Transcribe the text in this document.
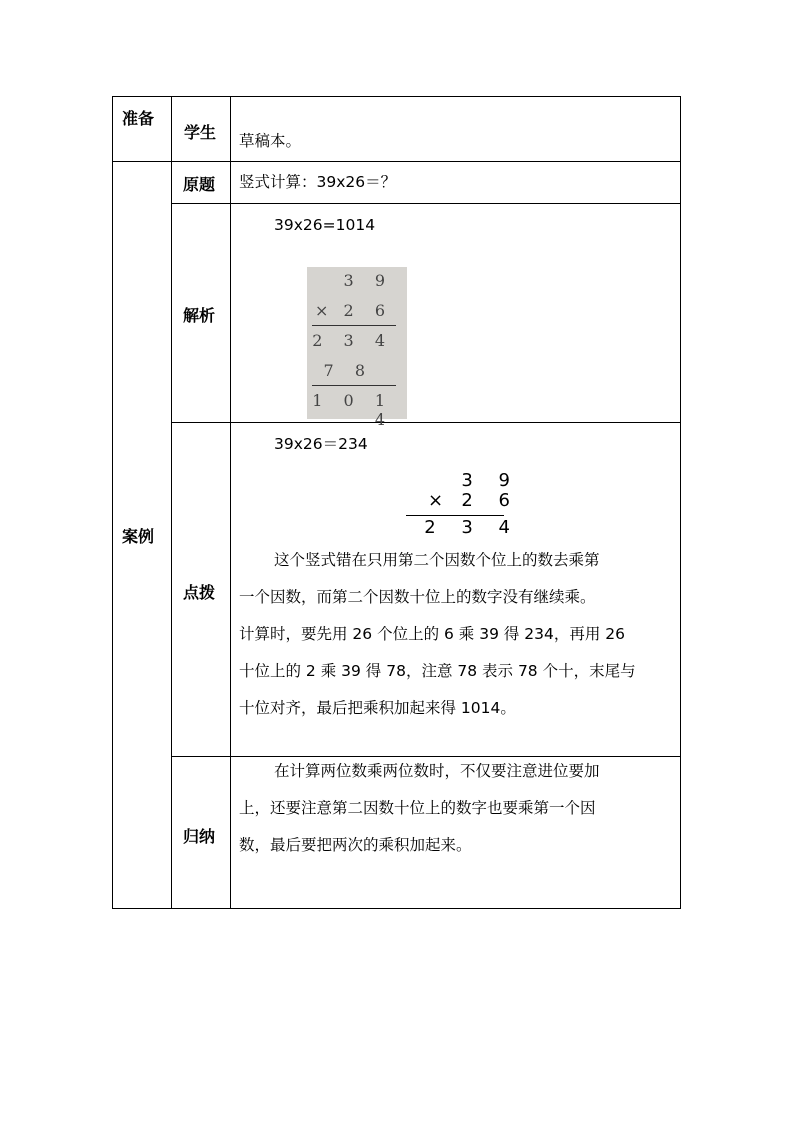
准备
学生 草稿本。
案例
原题 竖式计算：39x26＝？
解析
39x26=1014
3 9
× 2 6
2 3 4
7 8
1 0 1 4
点拨
39x26＝234
3 9
×	2 6
2 3 4
这个竖式错在只用第二个因数个位上的数去乘第
一个因数，而第二个因数十位上的数字没有继续乘。
计算时，要先用 26 个位上的 6 乘 39 得 234，再用 26
十位上的 2 乘 39 得 78，注意 78 表示 78 个十，末尾与
十位对齐，最后把乘积加起来得 1014。
归纳
在计算两位数乘两位数时，不仅要注意进位要加
上，还要注意第二因数十位上的数字也要乘第一个因
数，最后要把两次的乘积加起来。
